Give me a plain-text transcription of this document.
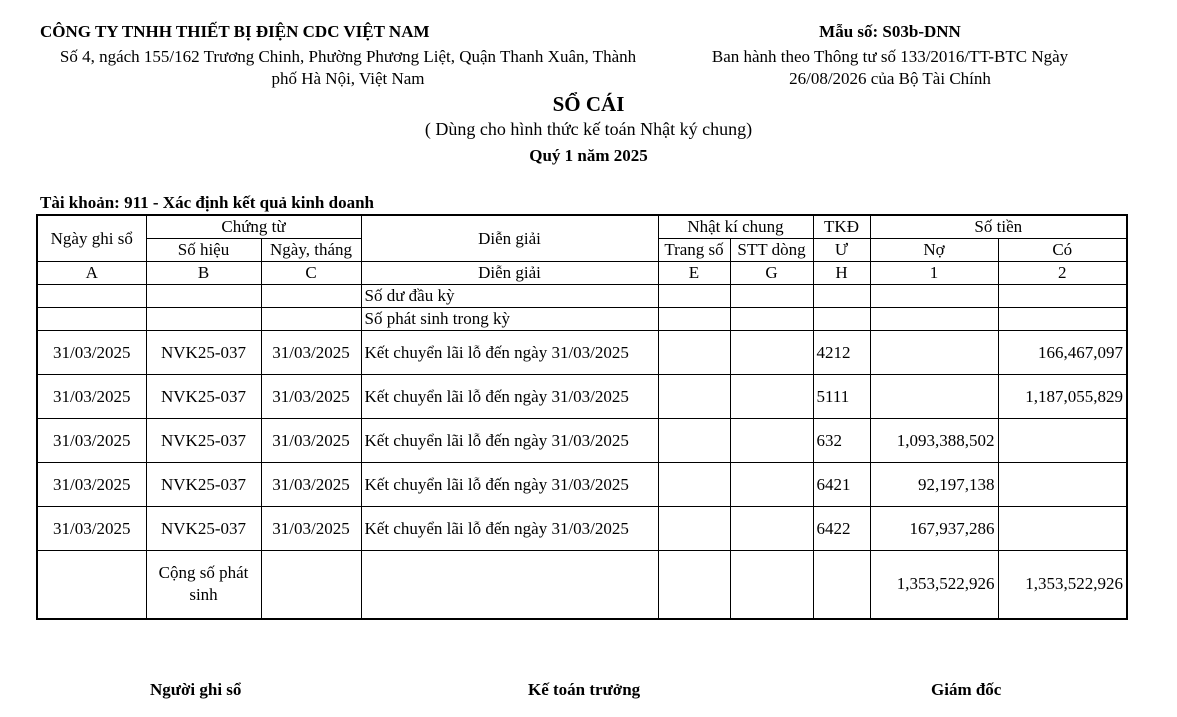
CÔNG TY TNHH THIẾT BỊ ĐIỆN CDC VIỆT NAM
Số 4, ngách 155/162 Trương Chinh, Phường Phương Liệt, Quận Thanh Xuân, Thành
phố Hà Nội, Việt Nam
Mẫu số: S03b-DNN
Ban hành theo Thông tư số 133/2016/TT-BTC Ngày
26/08/2026 của Bộ Tài Chính
SỔ CÁI
( Dùng cho hình thức kế toán Nhật ký chung)
Quý 1 năm 2025
Tài khoản: 911 - Xác định kết quả kinh doanh
Ngày ghi sổ	Chứng từ		Diễn giải	Nhật kí chung		TKĐ	Số tiền	
	Số hiệu	Ngày, tháng		Trang số	STT dòng	Ư	Nợ	Có
A	B	C	Diễn giải	E	G	H	1	2
			Số dư đầu kỳ					
			Số phát sinh trong kỳ					
31/03/2025	NVK25-037	31/03/2025	Kết chuyển lãi lỗ đến ngày 31/03/2025			4212		166,467,097
31/03/2025	NVK25-037	31/03/2025	Kết chuyển lãi lỗ đến ngày 31/03/2025			5111		1,187,055,829
31/03/2025	NVK25-037	31/03/2025	Kết chuyển lãi lỗ đến ngày 31/03/2025			632	1,093,388,502	
31/03/2025	NVK25-037	31/03/2025	Kết chuyển lãi lỗ đến ngày 31/03/2025			6421	92,197,138	
31/03/2025	NVK25-037	31/03/2025	Kết chuyển lãi lỗ đến ngày 31/03/2025			6422	167,937,286	
	Cộng số phát sinh						1,353,522,926	1,353,522,926
Người ghi sổ	Kế toán trưởng	Giám đốc
